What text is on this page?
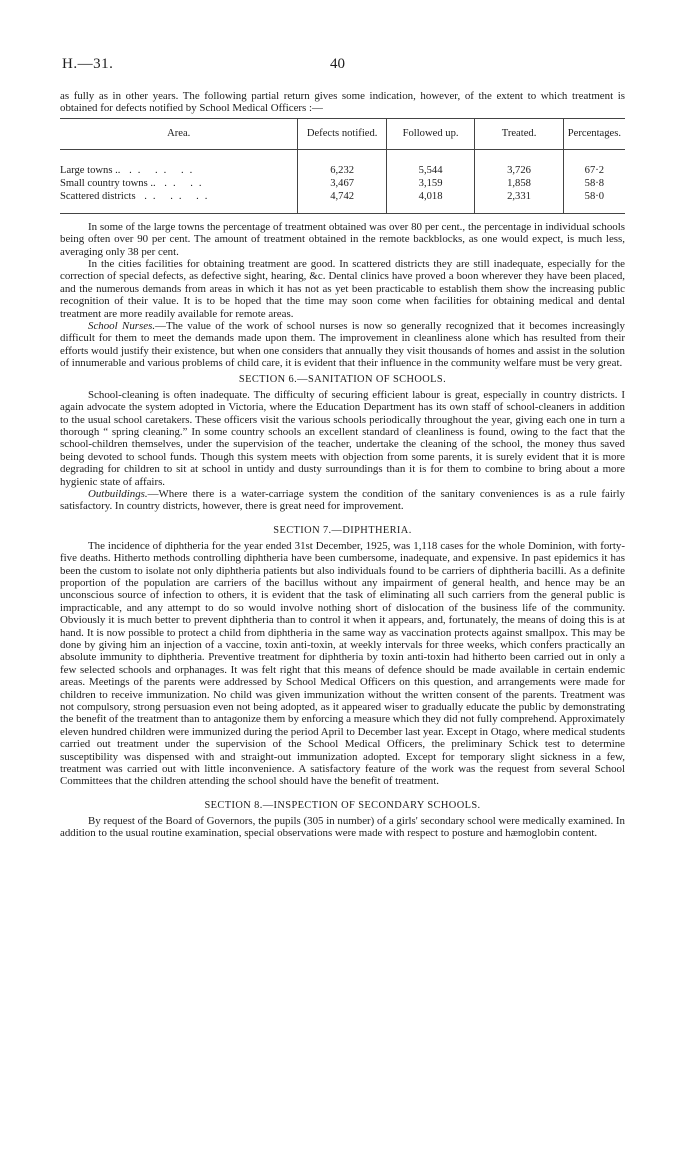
H.—31.	40

as fully as in other years. The following partial return gives some indication, however, of the extent to which treatment is obtained for defects notified by School Medical Officers :—

Area.	Defects notified.	Followed up.	Treated.	Percentages.

Large towns .. .. .. ..	6,232	5,544	3,726	67·2
Small country towns .. .. ..	3,467	3,159	1,858	58·8
Scattered districts .. .. ..	4,742	4,018	2,331	58·0

In some of the large towns the percentage of treatment obtained was over 80 per cent., the percentage in individual schools being often over 90 per cent. The amount of treatment obtained in the remote backblocks, as one would expect, is much less, averaging only 38 per cent.

In the cities facilities for obtaining treatment are good. In scattered districts they are still inadequate, especially for the correction of special defects, as defective sight, hearing, &c. Dental clinics have proved a boon wherever they have been placed, and the numerous demands from areas in which it has not as yet been practicable to establish them show the increasing public recognition of their value. It is to be hoped that the time may soon come when facilities for obtaining medical and dental treatment are more readily available for remote areas.

School Nurses.—The value of the work of school nurses is now so generally recognized that it becomes increasingly difficult for them to meet the demands made upon them. The improvement in cleanliness alone which has resulted from their efforts would justify their existence, but when one considers that annually they visit thousands of homes and assist in the solution of innumerable and various problems of child care, it is evident that their influence in the community welfare must be very great.

SECTION 6.—SANITATION OF SCHOOLS.

School-cleaning is often inadequate. The difficulty of securing efficient labour is great, especially in country districts. I again advocate the system adopted in Victoria, where the Education Department has its own staff of school-cleaners in addition to the usual school caretakers. These officers visit the various schools periodically throughout the year, giving each one in turn a thorough “ spring cleaning.” In some country schools an excellent standard of cleanliness is found, owing to the fact that the school-children themselves, under the supervision of the teacher, undertake the cleaning of the school, the money thus saved being devoted to school funds. Though this system meets with objection from some parents, it is surely evident that it is more degrading for children to sit at school in untidy and dusty surroundings than it is for them to combine to bring about a more hygienic state of affairs.

Outbuildings.—Where there is a water-carriage system the condition of the sanitary conveniences is as a rule fairly satisfactory. In country districts, however, there is great need for improvement.

SECTION 7.—DIPHTHERIA.

The incidence of diphtheria for the year ended 31st December, 1925, was 1,118 cases for the whole Dominion, with forty-five deaths. Hitherto methods controlling diphtheria have been cumbersome, inadequate, and expensive. In past epidemics it has been the custom to isolate not only diphtheria patients but also individuals found to be carriers of diphtheria bacilli. As a definite proportion of the population are carriers of the bacillus without any impairment of general health, and hence may be an unconscious source of infection to others, it is evident that the task of eliminating all such carriers from the general public is impracticable, and any attempt to do so would involve nothing short of dislocation of the business life of the community. Obviously it is much better to prevent diphtheria than to control it when it appears, and, fortunately, the means of doing this is at hand. It is now possible to protect a child from diphtheria in the same way as vaccination protects against smallpox. This may be done by giving him an injection of a vaccine, toxin anti-toxin, at weekly intervals for three weeks, which confers practically an absolute immunity to diphtheria. Preventive treatment for diphtheria by toxin anti-toxin had hitherto been carried out in only a few selected schools and orphanages. It was felt right that this means of defence should be made available in certain endemic areas. Meetings of the parents were addressed by School Medical Officers on this question, and arrangements were made for children to receive immunization. No child was given immunization without the written consent of the parents. Treatment was not compulsory, strong persuasion even not being adopted, as it appeared wiser to gradually educate the public by demonstrating the benefit of the treatment than to antagonize them by enforcing a measure which they did not fully comprehend. Approximately eleven hundred children were immunized during the period April to December last year. Except in Otago, where medical students carried out treatment under the supervision of the School Medical Officers, the preliminary Schick test to determine susceptibility was dispensed with and straight-out immunization adopted. Except for temporary slight sickness in a few, treatment was carried out with little inconvenience. A satisfactory feature of the work was the request from several School Committees that the children attending the school should have the benefit of treatment.

SECTION 8.—INSPECTION OF SECONDARY SCHOOLS.

By request of the Board of Governors, the pupils (305 in number) of a girls' secondary school were medically examined. In addition to the usual routine examination, special observations were made with respect to posture and hæmoglobin content.
